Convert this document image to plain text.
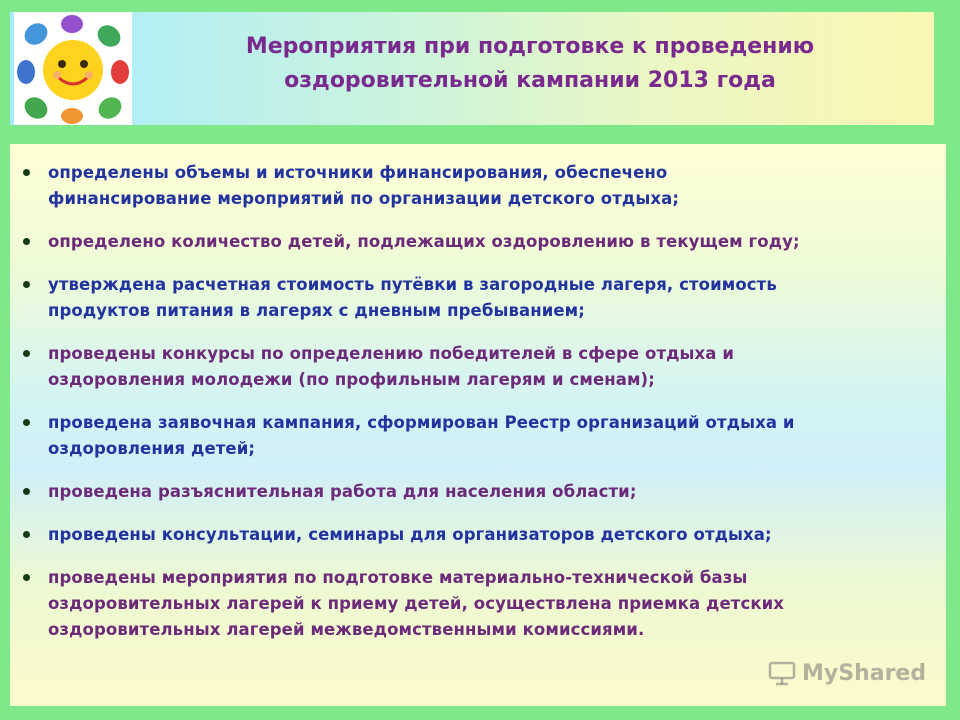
Мероприятия при подготовке к проведению
оздоровительной кампании 2013 года
определены объемы и источники финансирования, обеспечено
финансирование мероприятий по организации детского отдыха;
определено количество детей, подлежащих оздоровлению в текущем году;
утверждена расчетная стоимость путёвки в загородные лагеря, стоимость
продуктов питания в лагерях с дневным пребыванием;
проведены конкурсы по определению победителей в сфере отдыха и
оздоровления молодежи (по профильным лагерям и сменам);
проведена заявочная кампания, сформирован Реестр организаций отдыха и
оздоровления детей;
проведена разъяснительная работа для населения области;
проведены консультации, семинары для организаторов детского отдыха;
проведены мероприятия по подготовке материально-технической базы
оздоровительных лагерей к приему детей, осуществлена приемка детских
оздоровительных лагерей межведомственными комиссиями.
MyShared
